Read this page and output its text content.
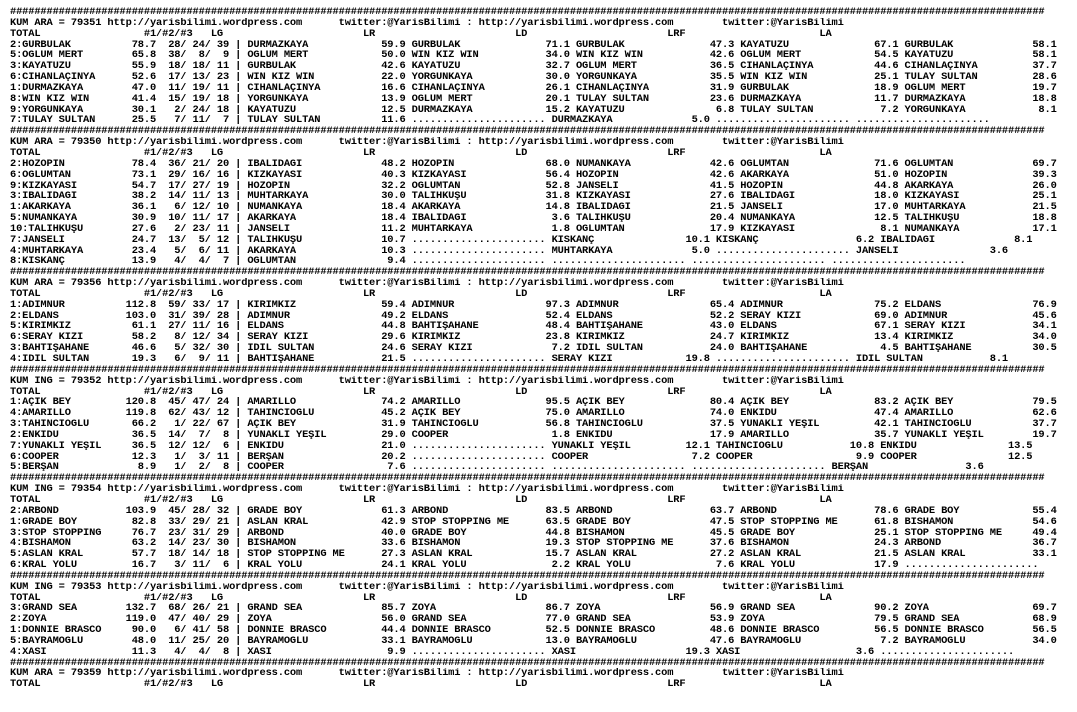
##########################################################################################################################################################################
KUM ARA = 79351 http://yarisbilimi.wordpress.com      twitter:@YarisBilimi : http://yarisbilimi.wordpress.com        twitter:@YarisBilimi
TOTAL                 #1/#2/#3   LG                       LR                       LD                       LRF                      LA
2:GÜRBULAK          78.7  28/ 24/ 39 | DURMAZKAYA            59.9 GÜRBULAK              71.1 GÜRBULAK              47.3 KAYATUZU              67.1 GÜRBULAK             58.1
5:OĞLUM MERT        65.8  38/  8/  9 | OĞLUM MERT            50.0 WIN KIZ WIN           34.0 WIN KIZ WIN           42.6 OĞLUM MERT            54.5 KAYATUZU             58.1
3:KAYATUZU          55.9  18/ 18/ 11 | GÜRBULAK              42.6 KAYATUZU              32.7 OĞLUM MERT            36.5 CİHANLAÇİNYA          44.6 CİHANLAÇİNYA         37.7
6:CİHANLAÇİNYA      52.6  17/ 13/ 23 | WIN KIZ WIN           22.0 YORGUNKAYA            30.0 YORGUNKAYA            35.5 WIN KIZ WIN           25.1 TÜLAY SULTAN         28.6
1:DURMAZKAYA        47.0  11/ 19/ 11 | CİHANLAÇİNYA          16.6 CİHANLAÇİNYA          26.1 CİHANLAÇİNYA          31.9 GÜRBULAK              18.9 OĞLUM MERT           19.7
8:WIN KIZ WIN       41.4  15/ 19/ 18 | YORGUNKAYA            13.9 OĞLUM MERT            20.1 TÜLAY SULTAN          23.6 DURMAZKAYA            11.7 DURMAZKAYA           18.8
9:YORGUNKAYA        30.1   2/ 24/ 18 | KAYATUZU              12.5 DURMAZKAYA            15.2 KAYATUZU               6.8 TÜLAY SULTAN           7.2 YORGUNKAYA            8.1
7:TÜLAY SULTAN      25.5   7/ 11/  7 | TÜLAY SULTAN          11.6 ...................... DURMAZKAYA             5.0 ...................... ......................
##########################################################################################################################################################################
KUM ARA = 79350 http://yarisbilimi.wordpress.com      twitter:@YarisBilimi : http://yarisbilimi.wordpress.com        twitter:@YarisBilimi
TOTAL                 #1/#2/#3   LG                       LR                       LD                       LRF                      LA
2:HOZOPİN           78.4  36/ 21/ 20 | İBALIDAĞI             48.2 HOZOPİN               68.0 NUMANKAYA             42.6 OĞLUMTAN              71.6 OĞLUMTAN             69.7
6:OĞLUMTAN          73.1  29/ 16/ 16 | KIZKAYASI             40.3 KIZKAYASI             56.4 HOZOPİN               42.6 AKARKAYA              51.0 HOZOPİN              39.3
9:KIZKAYASI         54.7  17/ 27/ 19 | HOZOPİN               32.2 OĞLUMTAN              52.8 JANSELİ               41.5 HOZOPİN               44.8 AKARKAYA             26.0
3:İBALIDAĞI         38.2  14/ 11/ 13 | MUHTARKAYA            30.0 TALİHKUŞU             31.8 KIZKAYASI             27.6 İBALIDAĞI             18.0 KIZKAYASI            25.1
1:AKARKAYA          36.1   6/ 12/ 10 | NUMANKAYA             18.4 AKARKAYA              14.8 İBALIDAĞI             21.5 JANSELİ               17.0 MUHTARKAYA           21.5
5:NUMANKAYA         30.9  10/ 11/ 17 | AKARKAYA              18.4 İBALIDAĞI              3.6 TALİHKUŞU             20.4 NUMANKAYA             12.5 TALİHKUŞU            18.8
10:TALİHKUŞU        27.6   2/ 23/ 11 | JANSELİ               11.2 MUHTARKAYA             1.8 OĞLUMTAN              17.9 KIZKAYASI              8.1 NUMANKAYA            17.1
7:JANSELİ           24.7  13/  5/ 12 | TALİHKUŞU             10.7 ...................... KISKANÇ               10.1 KISKANÇ                6.2 İBALIDAĞI             8.1
4:MUHTARKAYA        23.4   5/  6/ 11 | AKARKAYA              10.3 ...................... MUHTARKAYA             5.0 ...................... JANSELİ               3.6
8:KISKANÇ           13.9   4/  4/  7 | OĞLUMTAN               9.4 ...................... ...................... ...................... ......................
##########################################################################################################################################################################
KUM ARA = 79356 http://yarisbilimi.wordpress.com      twitter:@YarisBilimi : http://yarisbilimi.wordpress.com        twitter:@YarisBilimi
TOTAL                 #1/#2/#3   LG                       LR                       LD                       LRF                      LA
1:ADIMNUR          112.8  59/ 33/ 17 | KIRIMKIZ              59.4 ADIMNUR               97.3 ADIMNUR               65.4 ADIMNUR               75.2 ELDANS               76.9
2:ELDANS           103.0  31/ 39/ 28 | ADIMNUR               49.2 ELDANS                52.4 ELDANS                52.2 SERAY KIZI            69.0 ADIMNUR              45.6
5:KIRIMKIZ          61.1  27/ 11/ 16 | ELDANS                44.8 BAHTİŞAHANE           48.4 BAHTİŞAHANE           43.0 ELDANS                67.1 SERAY KIZI           34.1
6:SERAY KIZI        58.2   8/ 12/ 34 | SERAY KIZI            29.6 KIRIMKIZ              23.8 KIRIMKIZ              24.7 KIRIMKIZ              13.4 KIRIMKIZ             34.0
3:BAHTİŞAHANE       46.6   5/ 32/ 30 | İDİL SULTAN           24.6 SERAY KIZI             7.2 İDİL SULTAN           24.0 BAHTİŞAHANE            4.5 BAHTİŞAHANE          30.5
4:İDİL SULTAN       19.3   6/  9/ 11 | BAHTİŞAHANE           21.5 ...................... SERAY KIZI            19.8 ...................... İDİL SULTAN           8.1
##########################################################################################################################################################################
KUM ING = 79352 http://yarisbilimi.wordpress.com      twitter:@YarisBilimi : http://yarisbilimi.wordpress.com        twitter:@YarisBilimi
TOTAL                 #1/#2/#3   LG                       LR                       LD                       LRF                      LA
1:AÇIK BEY         120.8  45/ 47/ 24 | AMARILLO              74.2 AMARILLO              95.5 AÇIK BEY              80.4 AÇIK BEY              83.2 AÇIK BEY             79.5
4:AMARILLO         119.8  62/ 43/ 12 | TAHİNCİOĞLU           45.2 AÇIK BEY              75.0 AMARILLO              74.0 ENKIDU                47.4 AMARILLO             62.6
3:TAHİNCİOĞLU       66.2   1/ 22/ 67 | AÇIK BEY              31.9 TAHİNCİOĞLU           56.8 TAHİNCİOĞLU           37.5 YUNAKLI YEŞİL         42.1 TAHİNCİOĞLU          37.7
2:ENKIDU            36.5  14/  7/  8 | YUNAKLI YEŞİL         29.0 COOPER                 1.8 ENKIDU                17.9 AMARILLO              35.7 YUNAKLI YEŞİL        19.7
7:YUNAKLI YEŞİL     36.5  12/ 12/  6 | ENKIDU                21.0 ...................... YUNAKLI YEŞİL         12.1 TAHİNCİOĞLU           10.8 ENKIDU               13.5
6:COOPER            12.3   1/  3/ 11 | BERŞAN                20.2 ...................... COOPER                 7.2 COOPER                 9.9 COOPER               12.5
5:BERŞAN             8.9   1/  2/  8 | COOPER                 7.6 ...................... ...................... ...................... BERŞAN                3.6
##########################################################################################################################################################################
KUM ING = 79354 http://yarisbilimi.wordpress.com      twitter:@YarisBilimi : http://yarisbilimi.wordpress.com        twitter:@YarisBilimi
TOTAL                 #1/#2/#3   LG                       LR                       LD                       LRF                      LA
2:ARBOND           103.9  45/ 28/ 32 | GRADE BOY             61.3 ARBOND                83.5 ARBOND                63.7 ARBOND                78.6 GRADE BOY            55.4
1:GRADE BOY         82.8  33/ 29/ 21 | ASLAN KRAL            42.9 STOP STOPPING ME      63.5 GRADE BOY             47.5 STOP STOPPING ME      61.8 BİSHAMON             54.6
3:STOP STOPPING     76.7  23/ 31/ 29 | ARBOND                40.0 GRADE BOY             44.8 BİSHAMON              45.5 GRADE BOY             25.1 STOP STOPPING ME     49.4
4:BİSHAMON          63.2  14/ 23/ 30 | BİSHAMON              33.6 BİSHAMON              19.3 STOP STOPPING ME      37.6 BİSHAMON              24.3 ARBOND               36.7
5:ASLAN KRAL        57.7  18/ 14/ 18 | STOP STOPPING ME      27.3 ASLAN KRAL            15.7 ASLAN KRAL            27.2 ASLAN KRAL            21.5 ASLAN KRAL           33.1
6:KRAL YOLU         16.7   3/ 11/  6 | KRAL YOLU             24.1 KRAL YOLU              2.2 KRAL YOLU              7.6 KRAL YOLU             17.9 ......................
##########################################################################################################################################################################
KUM ING = 79353 http://yarisbilimi.wordpress.com      twitter:@YarisBilimi : http://yarisbilimi.wordpress.com        twitter:@YarisBilimi
TOTAL                 #1/#2/#3   LG                       LR                       LD                       LRF                      LA
3:GRAND SEA        132.7  68/ 26/ 21 | GRAND SEA             85.7 ZOYA                  86.7 ZOYA                  56.9 GRAND SEA             90.2 ZOYA                 69.7
2:ZOYA             119.0  47/ 40/ 29 | ZOYA                  56.0 GRAND SEA             77.0 GRAND SEA             53.9 ZOYA                  79.5 GRAND SEA            68.9
1:DONNIE BRASCO     90.0   6/ 41/ 58 | DONNIE BRASCO         44.4 DONNIE BRASCO         52.5 DONNIE BRASCO         48.6 DONNIE BRASCO         56.5 DONNIE BRASCO        56.5
5:BAYRAMOĞLU        48.0  11/ 25/ 20 | BAYRAMOĞLU            33.1 BAYRAMOĞLU            13.0 BAYRAMOĞLU            47.6 BAYRAMOĞLU             7.2 BAYRAMOĞLU           34.0
4:XASİ              11.3   4/  4/  8 | XASİ                   9.9 ...................... XASİ                  19.3 XASİ                   3.6 ......................
##########################################################################################################################################################################
KUM ARA = 79359 http://yarisbilimi.wordpress.com      twitter:@YarisBilimi : http://yarisbilimi.wordpress.com        twitter:@YarisBilimi
TOTAL                 #1/#2/#3   LG                       LR                       LD                       LRF                      LA
